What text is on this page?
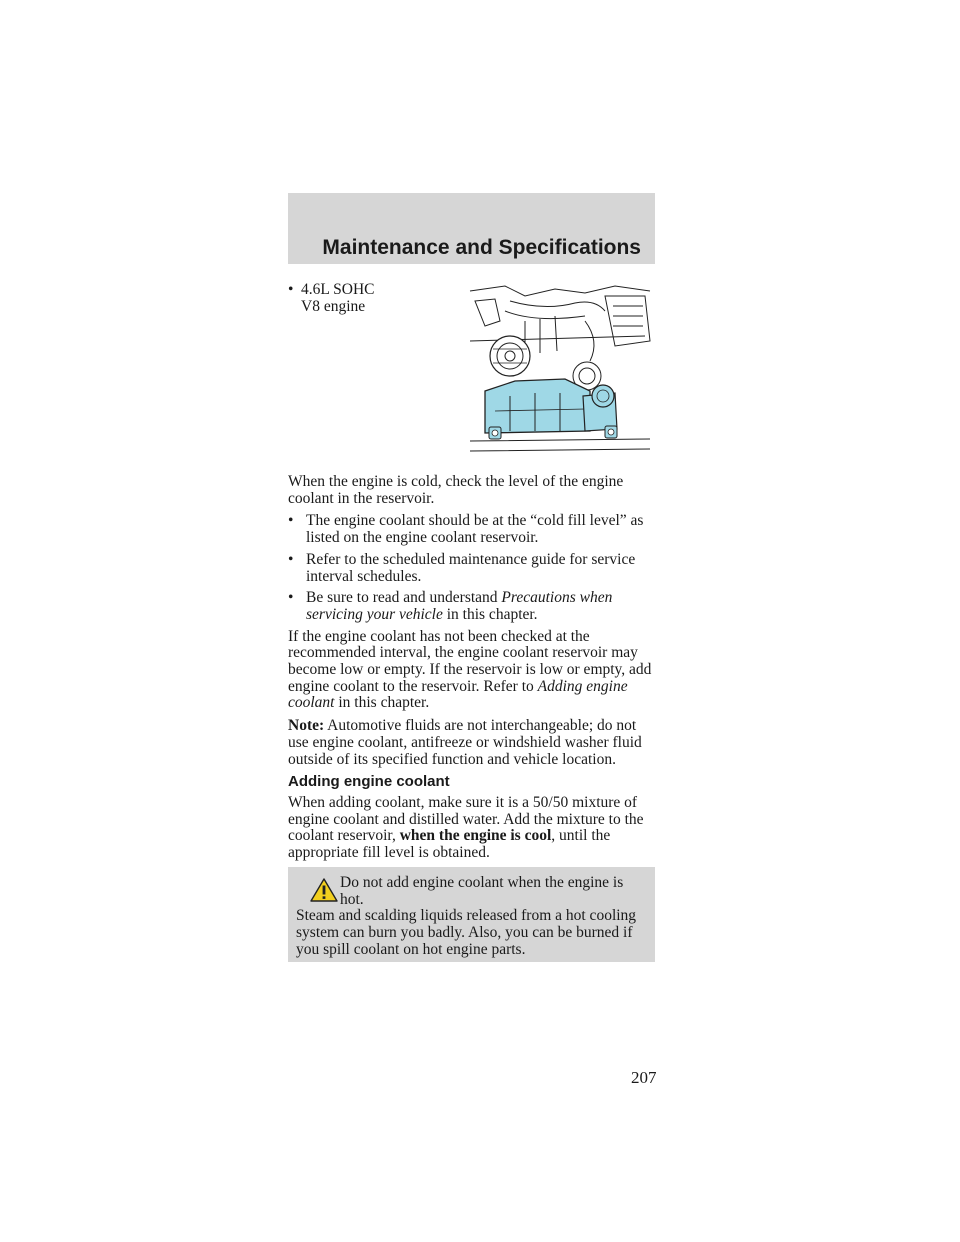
Maintenance and Specifications
• 4.6L SOHC V8 engine

When the engine is cold, check the level of the engine coolant in the reservoir.

• The engine coolant should be at the “cold fill level” as listed on the engine coolant reservoir.
• Refer to the scheduled maintenance guide for service interval schedules.
• Be sure to read and understand Precautions when servicing your vehicle in this chapter.

If the engine coolant has not been checked at the recommended interval, the engine coolant reservoir may become low or empty. If the reservoir is low or empty, add engine coolant to the reservoir. Refer to Adding engine coolant in this chapter.

Note: Automotive fluids are not interchangeable; do not use engine coolant, antifreeze or windshield washer fluid outside of its specified function and vehicle location.

Adding engine coolant

When adding coolant, make sure it is a 50/50 mixture of engine coolant and distilled water. Add the mixture to the coolant reservoir, when the engine is cool, until the appropriate fill level is obtained.

Do not add engine coolant when the engine is hot.
Steam and scalding liquids released from a hot cooling system can burn you badly. Also, you can be burned if you spill coolant on hot engine parts.
207
